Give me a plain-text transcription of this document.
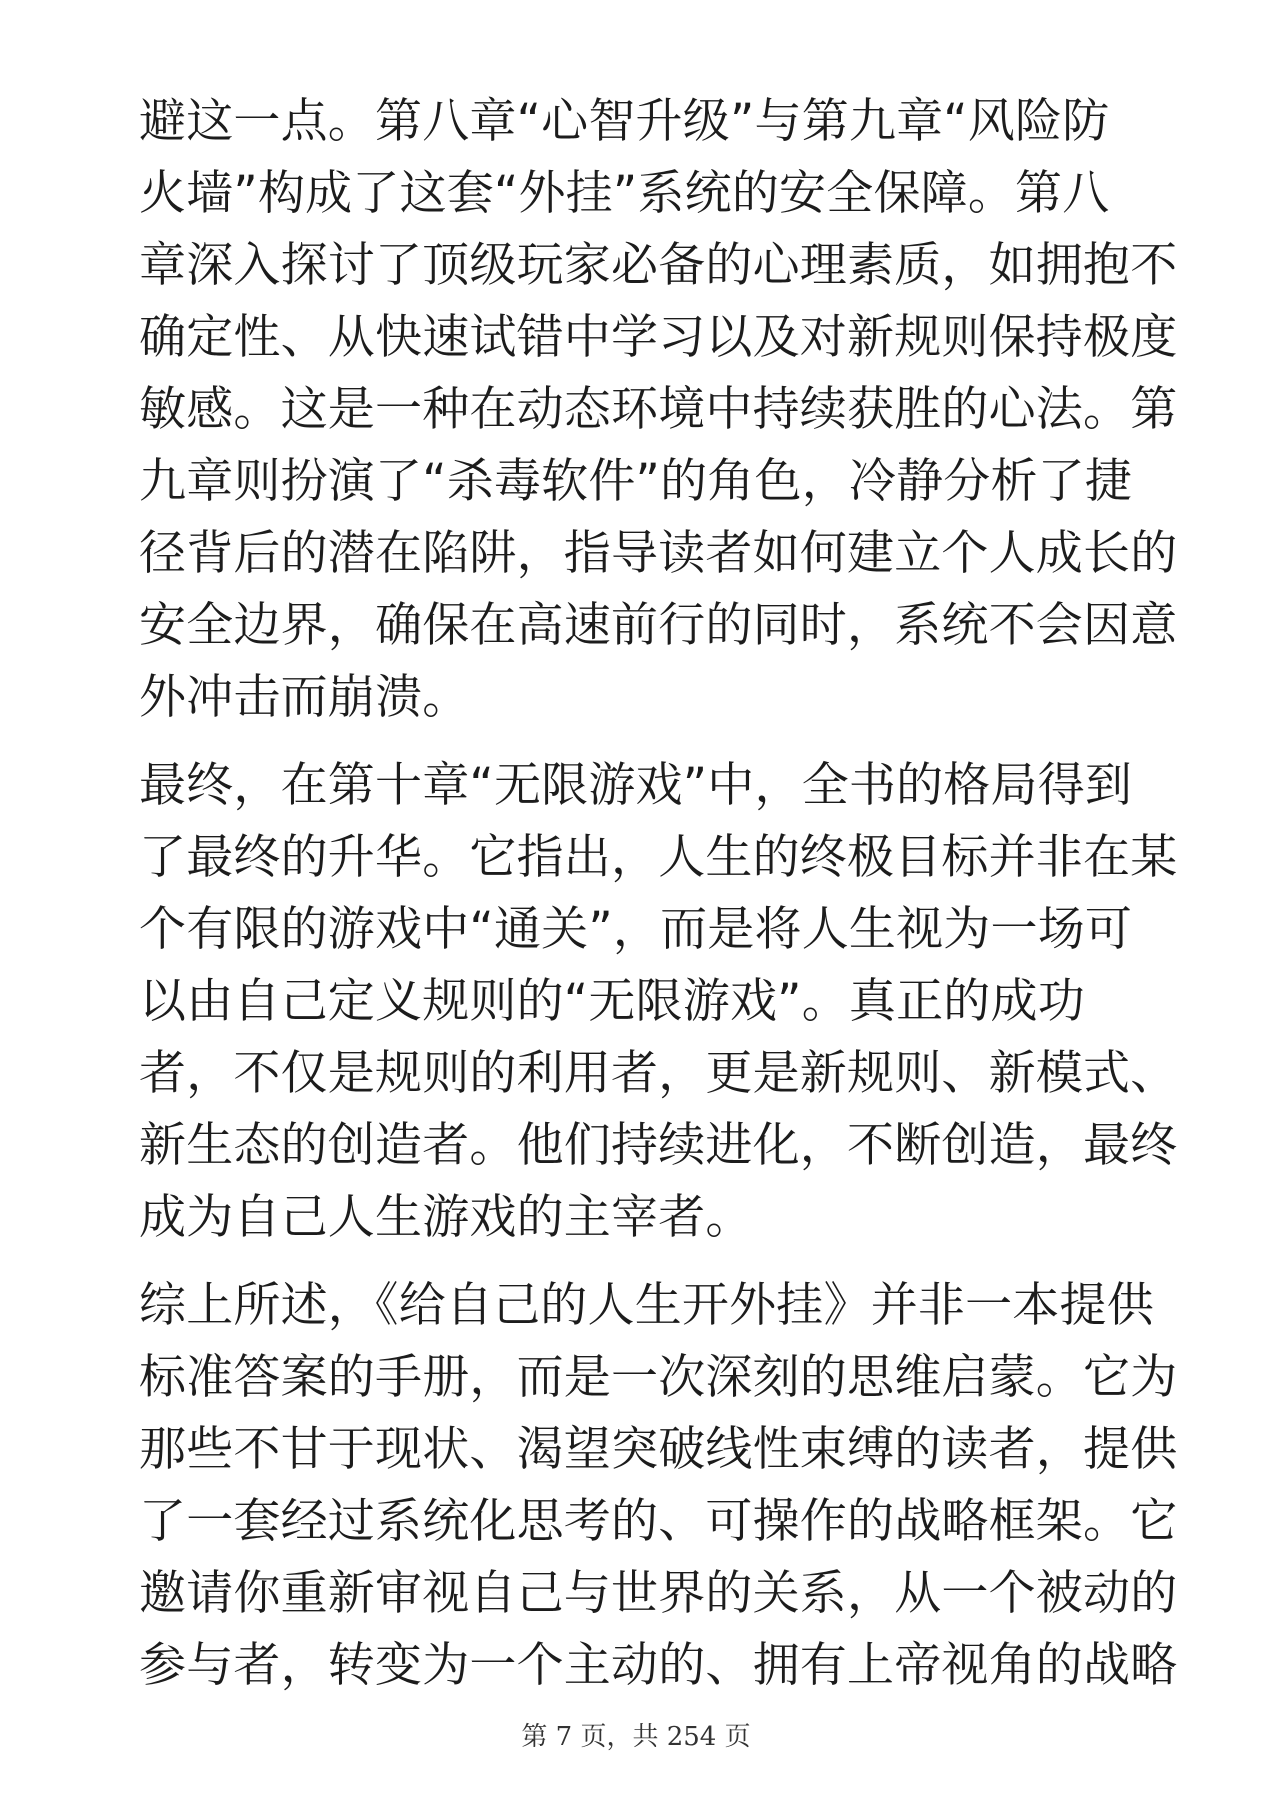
避这一点。第八章“心智升级”与第九章“风险防
火墙”构成了这套“外挂”系统的安全保障。第八
章深入探讨了顶级玩家必备的心理素质，如拥抱不
确定性、从快速试错中学习以及对新规则保持极度
敏感。这是一种在动态环境中持续获胜的心法。第
九章则扮演了“杀毒软件”的角色，冷静分析了捷
径背后的潜在陷阱，指导读者如何建立个人成长的
安全边界，确保在高速前行的同时，系统不会因意
外冲击而崩溃。
最终，在第十章“无限游戏”中，全书的格局得到
了最终的升华。它指出，人生的终极目标并非在某
个有限的游戏中“通关”，而是将人生视为一场可
以由自己定义规则的“无限游戏”。真正的成功
者，不仅是规则的利用者，更是新规则、新模式、
新生态的创造者。他们持续进化，不断创造，最终
成为自己人生游戏的主宰者。
综上所述，《给自己的人生开外挂》并非一本提供
标准答案的手册，而是一次深刻的思维启蒙。它为
那些不甘于现状、渴望突破线性束缚的读者，提供
了一套经过系统化思考的、可操作的战略框架。它
邀请你重新审视自己与世界的关系，从一个被动的
参与者，转变为一个主动的、拥有上帝视角的战略
第 7 页，共 254 页
